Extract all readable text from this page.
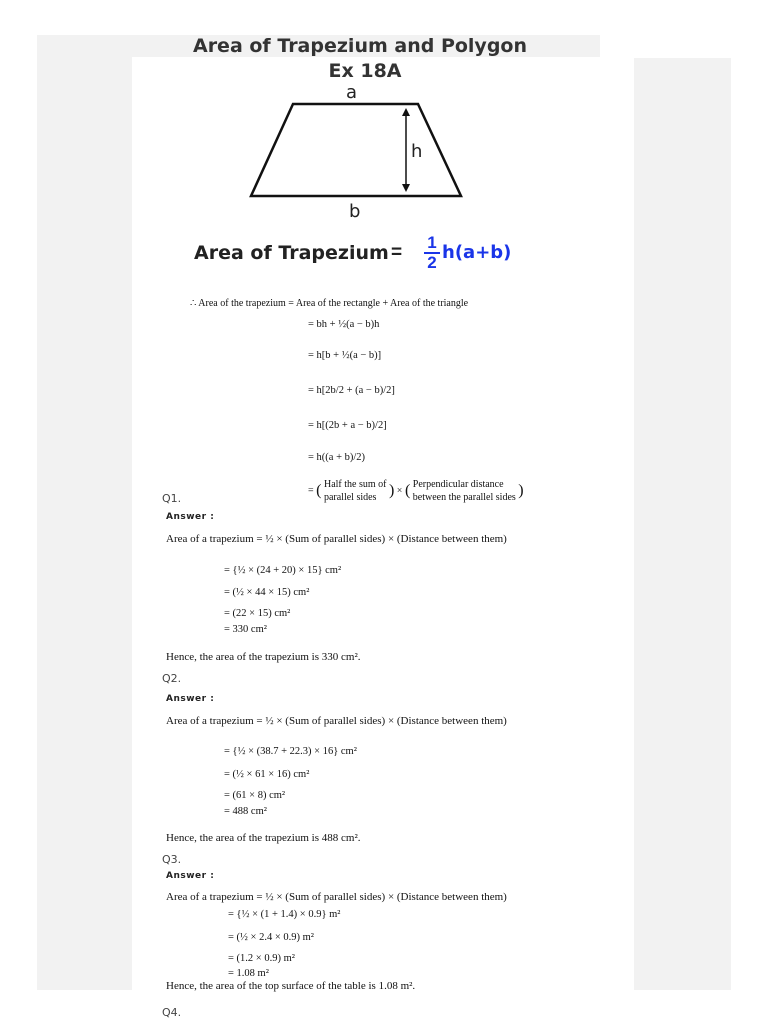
Area of Trapezium and Polygon
Ex 18A
a
h
b
Area of Trapezium = $\frac{1}{2} h(a+b)$
∴ Area of the trapezium = Area of the rectangle + Area of the triangle
= bh + ½(a − b)h
= h[b + ½(a − b)]
= h[2b/2 + (a − b)/2]
= h[(2b + a − b)/2]
= h((a + b)/2)
= ( Half the sum of
parallel sides ) × ( Perpendicular distance
between the parallel sides )
Q1.
Answer :
Area of a trapezium = ½ × (Sum of parallel sides) × (Distance between them)
= {½ × (24 + 20) × 15} cm²
= (½ × 44 × 15) cm²
= (22 × 15) cm²
= 330 cm²
Hence, the area of the trapezium is 330 cm².
Q2.
Answer :
Area of a trapezium = ½ × (Sum of parallel sides) × (Distance between them)
= {½ × (38.7 + 22.3) × 16} cm²
= (½ × 61 × 16) cm²
= (61 × 8) cm²
= 488 cm²
Hence, the area of the trapezium is 488 cm².
Q3.
Answer :
Area of a trapezium = ½ × (Sum of parallel sides) × (Distance between them)
= {½ × (1 + 1.4) × 0.9} m²
= (½ × 2.4 × 0.9) m²
= (1.2 × 0.9) m²
= 1.08 m²
Hence, the area of the top surface of the table is 1.08 m².
Q4.
